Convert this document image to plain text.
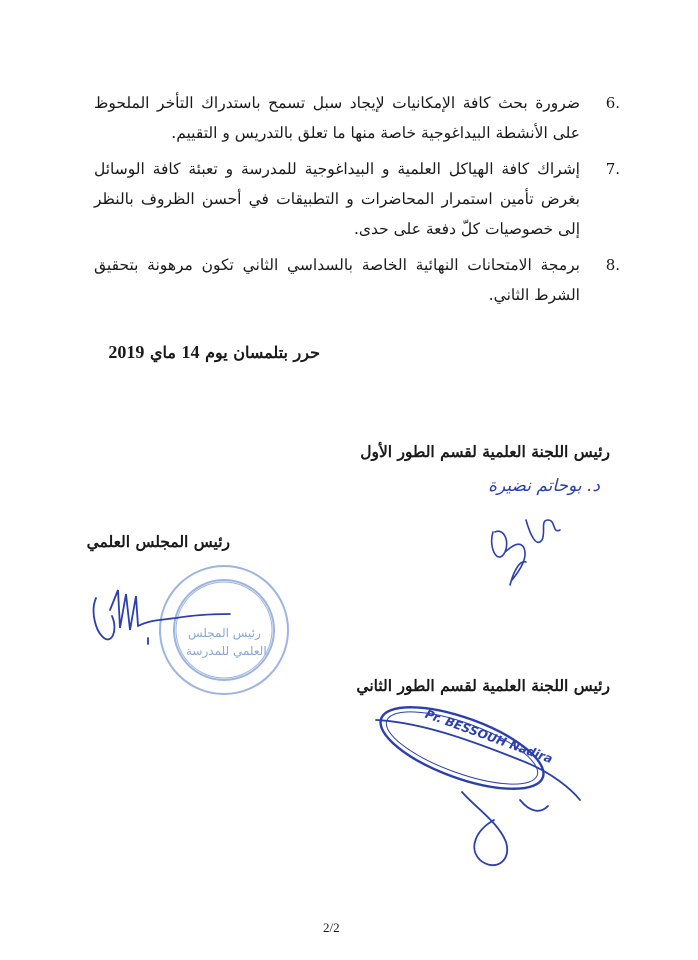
6.
ضرورة بحث كافة الإمكانيات لإيجاد سبل تسمح باستدراك التأخر الملحوظ على الأنشطة البيداغوجية خاصة منها ما تعلق بالتدريس و التقييم.
7.
إشراك كافة الهياكل العلمية و البيداغوجية للمدرسة و تعبئة كافة الوسائل بغرض تأمين استمرار المحاضرات و التطبيقات في أحسن الظروف بالنظر إلى خصوصيات كلّ دفعة على حدى.
8.
برمجة الامتحانات النهائية الخاصة بالسداسي الثاني تكون مرهونة بتحقيق الشرط الثاني.
حرر بتلمسان يوم 14 ماي 2019
رئيس اللجنة العلمية لقسم الطور الأول
د. بوحاتم نضيرة
رئيس المجلس العلمي
رئيس اللجنة العلمية لقسم الطور الثاني
Pr. BESSOUH Nadira
رئيس المجلس
العلمي للمدرسة
2/2
